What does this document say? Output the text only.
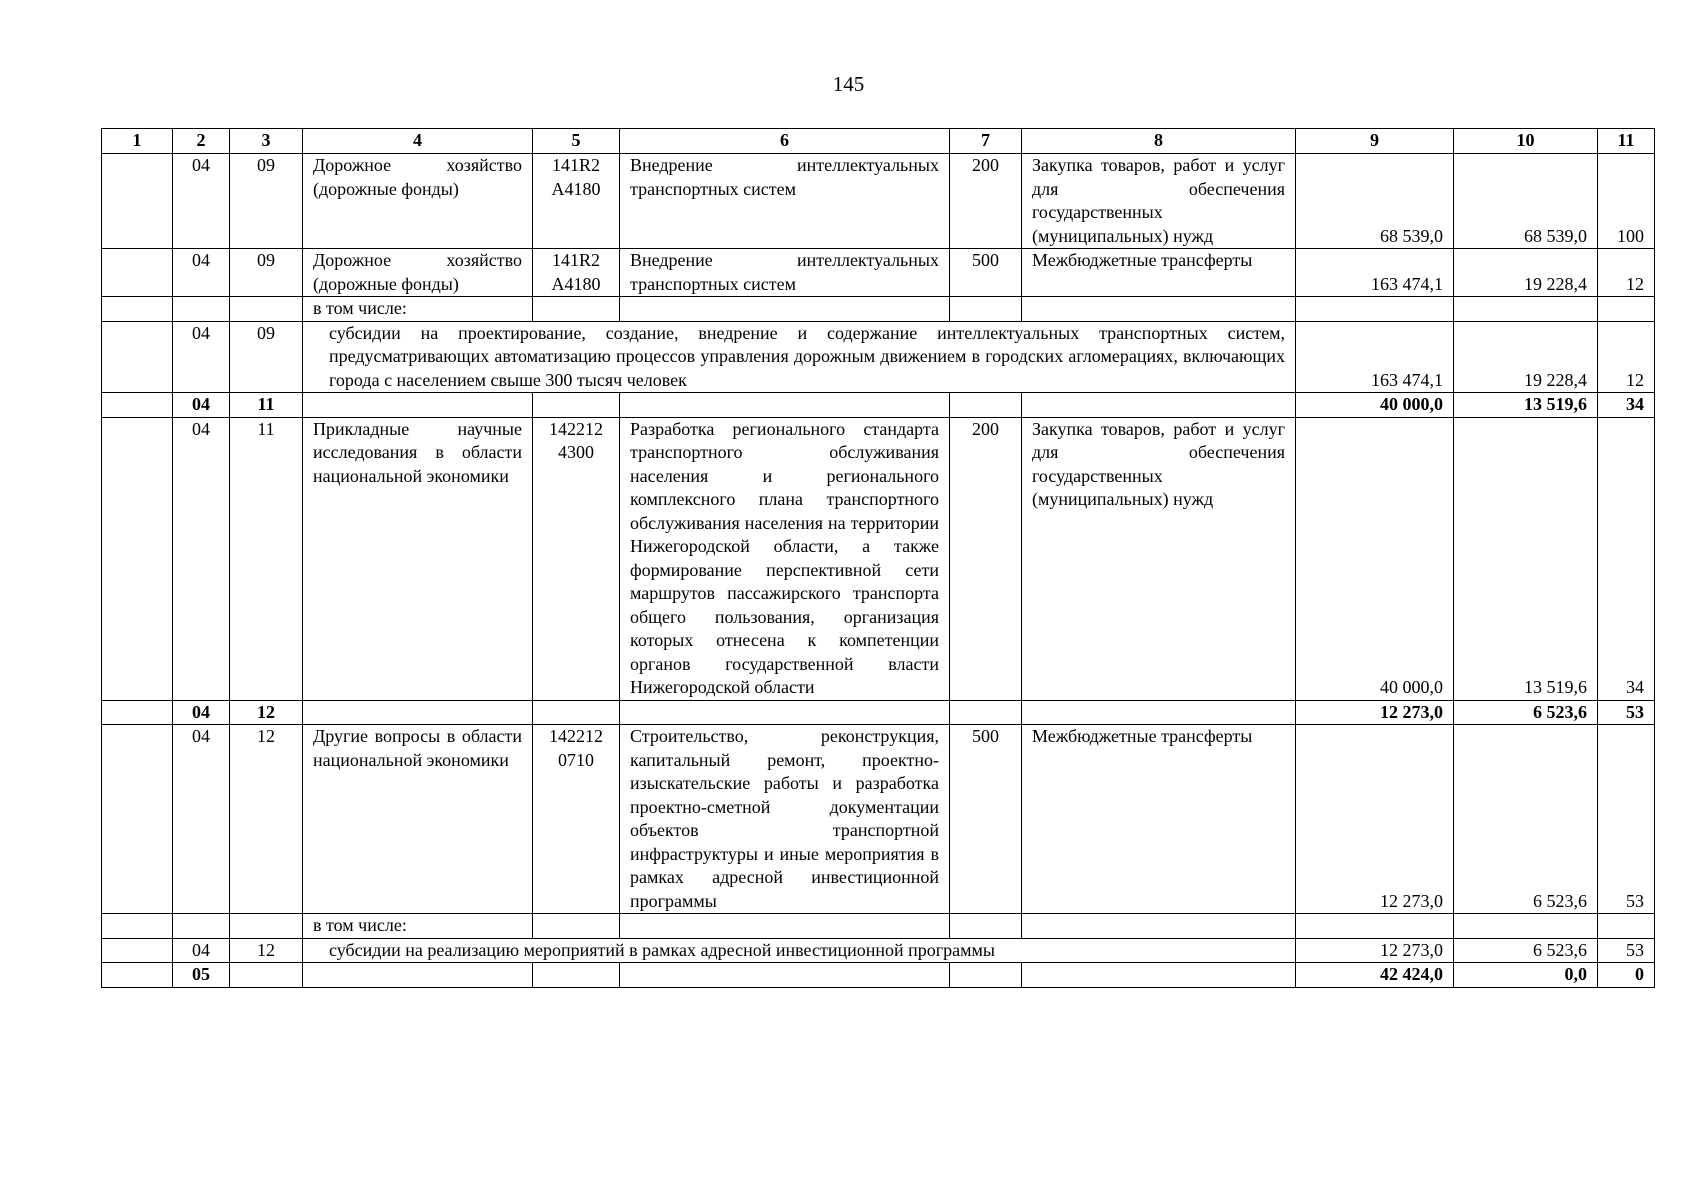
145
1	2	3	4	5	6	7	8	9	10	11
	04	09	Дорожное хозяйство (дорожные фонды)	141R2 А4180	Внедрение интеллектуальных транспортных систем	200	Закупка товаров, работ и услуг для обеспечения государственных (муниципальных) нужд	68 539,0	68 539,0	100
	04	09	Дорожное хозяйство (дорожные фонды)	141R2 А4180	Внедрение интеллектуальных транспортных систем	500	Межбюджетные трансферты	163 474,1	19 228,4	12
			в том числе:							
	04	09	субсидии на проектирование, создание, внедрение и содержание интеллектуальных транспортных систем, предусматривающих автоматизацию процессов управления дорожным движением в городских агломерациях, включающих города с населением свыше 300 тысяч человек					163 474,1	19 228,4	12
	04	11						40 000,0	13 519,6	34
	04	11	Прикладные научные исследования в области национальной экономики	142212 4300	Разработка регионального стандарта транспортного обслуживания населения и регионального комплексного плана транспортного обслуживания населения на территории Нижегородской области, а также формирование перспективной сети маршрутов пассажирского транспорта общего пользования, организация которых отнесена к компетенции органов государственной власти Нижегородской области	200	Закупка товаров, работ и услуг для обеспечения государственных (муниципальных) нужд	40 000,0	13 519,6	34
	04	12						12 273,0	6 523,6	53
	04	12	Другие вопросы в области национальной экономики	142212 0710	Строительство, реконструкция, капитальный ремонт, проектно-изыскательские работы и разработка проектно-сметной документации объектов транспортной инфраструктуры и иные мероприятия в рамках адресной инвестиционной программы	500	Межбюджетные трансферты	12 273,0	6 523,6	53
			в том числе:							
	04	12	субсидии на реализацию мероприятий в рамках адресной инвестиционной программы					12 273,0	6 523,6	53
	05							42 424,0	0,0	0
